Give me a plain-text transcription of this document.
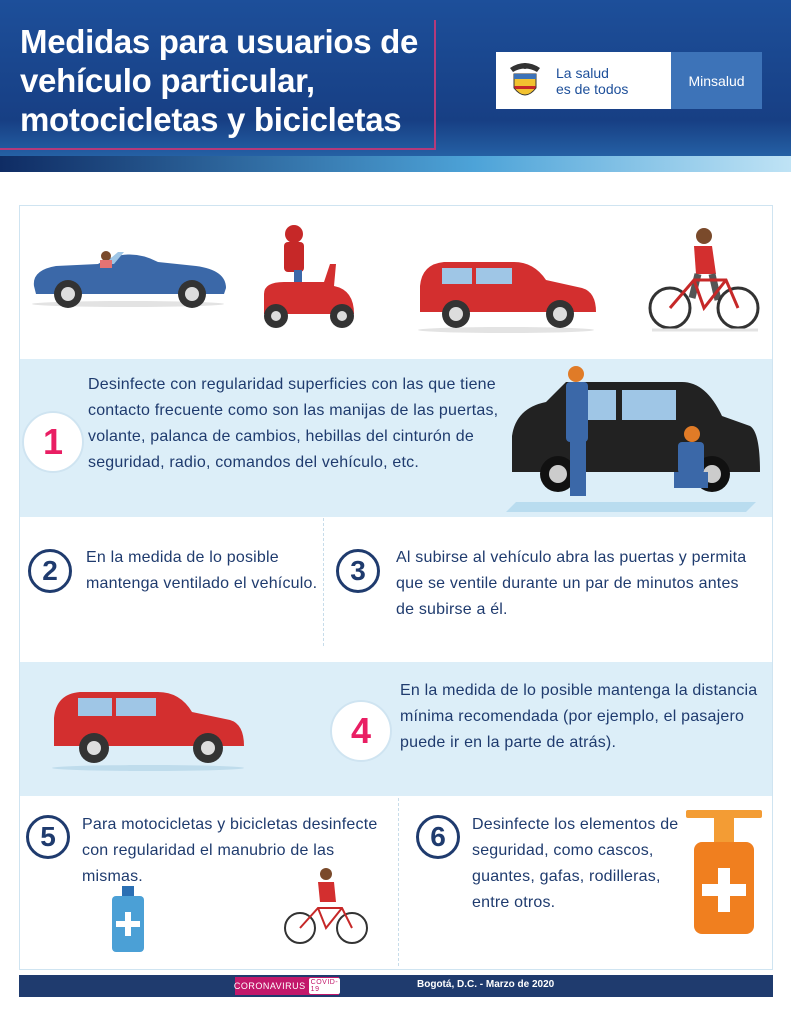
Medidas para usuarios de vehículo particular, motocicletas y bicicletas
La salud
es de todos	Minsalud
1
Desinfecte con regularidad superficies con las que tiene contacto frecuente como son las manijas de las puertas, volante, palanca de cambios, hebillas del cinturón de seguridad, radio, comandos del vehículo, etc.
2	En la medida de lo posible mantenga ventilado el vehículo.	3	Al subirse al vehículo abra las puertas y permita que se ventile durante un par de minutos antes de subirse a él.
4
En la medida de lo posible mantenga la distancia mínima recomendada (por ejemplo, el pasajero puede ir en la parte de atrás).
5	Para motocicletas y bicicletas desinfecte con regularidad el manubrio de las mismas.
6	Desinfecte los elementos de seguridad, como cascos, guantes, gafas, rodilleras, entre otros.
CORONAVIRUS COVID-19	Bogotá, D.C. - Marzo de 2020
